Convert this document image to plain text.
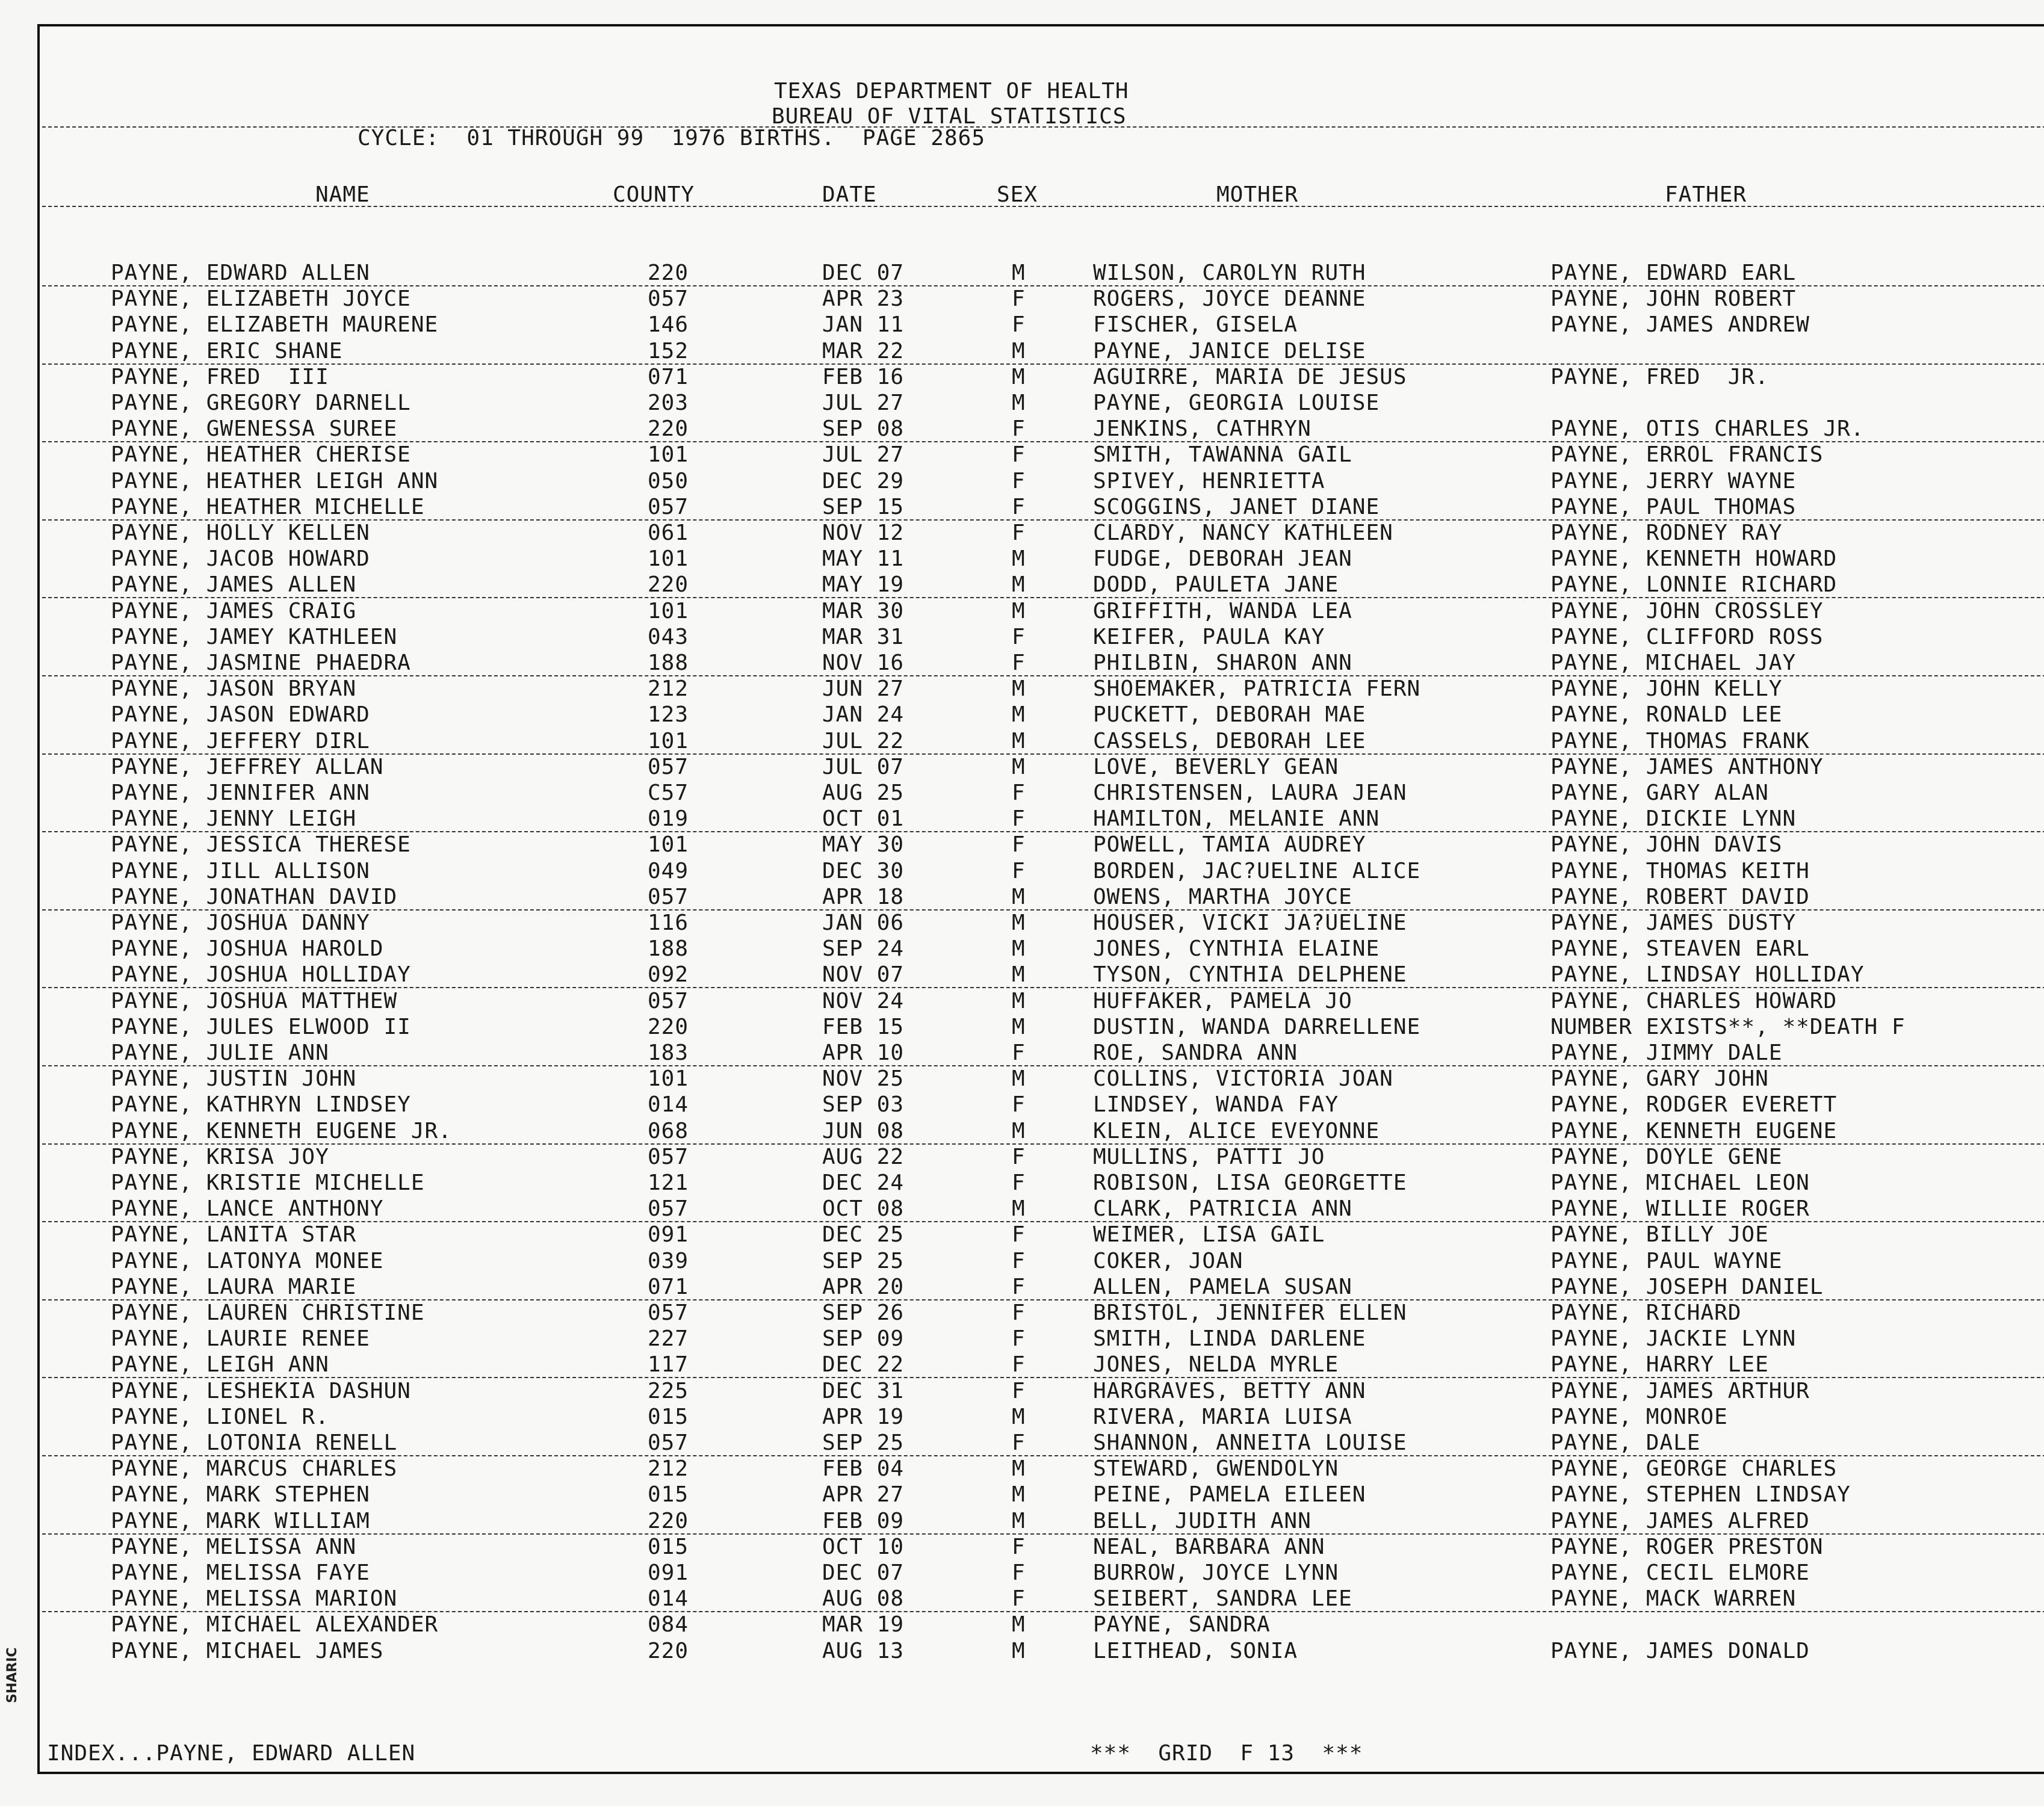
TEXAS DEPARTMENT OF HEALTH
BUREAU OF VITAL STATISTICS
CYCLE:  01 THROUGH 99  1976 BIRTHS.  PAGE 2865
NAME	COUNTY	DATE	SEX	MOTHER	FATHER
PAYNE, EDWARD ALLEN	220	DEC 07	M	WILSON, CAROLYN RUTH	PAYNE, EDWARD EARL
PAYNE, ELIZABETH JOYCE	057	APR 23	F	ROGERS, JOYCE DEANNE	PAYNE, JOHN ROBERT
PAYNE, ELIZABETH MAURENE	146	JAN 11	F	FISCHER, GISELA	PAYNE, JAMES ANDREW
PAYNE, ERIC SHANE	152	MAR 22	M	PAYNE, JANICE DELISE
PAYNE, FRED  III	071	FEB 16	M	AGUIRRE, MARIA DE JESUS	PAYNE, FRED  JR.
PAYNE, GREGORY DARNELL	203	JUL 27	M	PAYNE, GEORGIA LOUISE
PAYNE, GWENESSA SUREE	220	SEP 08	F	JENKINS, CATHRYN	PAYNE, OTIS CHARLES JR.
PAYNE, HEATHER CHERISE	101	JUL 27	F	SMITH, TAWANNA GAIL	PAYNE, ERROL FRANCIS
PAYNE, HEATHER LEIGH ANN	050	DEC 29	F	SPIVEY, HENRIETTA	PAYNE, JERRY WAYNE
PAYNE, HEATHER MICHELLE	057	SEP 15	F	SCOGGINS, JANET DIANE	PAYNE, PAUL THOMAS
PAYNE, HOLLY KELLEN	061	NOV 12	F	CLARDY, NANCY KATHLEEN	PAYNE, RODNEY RAY
PAYNE, JACOB HOWARD	101	MAY 11	M	FUDGE, DEBORAH JEAN	PAYNE, KENNETH HOWARD
PAYNE, JAMES ALLEN	220	MAY 19	M	DODD, PAULETA JANE	PAYNE, LONNIE RICHARD
PAYNE, JAMES CRAIG	101	MAR 30	M	GRIFFITH, WANDA LEA	PAYNE, JOHN CROSSLEY
PAYNE, JAMEY KATHLEEN	043	MAR 31	F	KEIFER, PAULA KAY	PAYNE, CLIFFORD ROSS
PAYNE, JASMINE PHAEDRA	188	NOV 16	F	PHILBIN, SHARON ANN	PAYNE, MICHAEL JAY
PAYNE, JASON BRYAN	212	JUN 27	M	SHOEMAKER, PATRICIA FERN	PAYNE, JOHN KELLY
PAYNE, JASON EDWARD	123	JAN 24	M	PUCKETT, DEBORAH MAE	PAYNE, RONALD LEE
PAYNE, JEFFERY DIRL	101	JUL 22	M	CASSELS, DEBORAH LEE	PAYNE, THOMAS FRANK
PAYNE, JEFFREY ALLAN	057	JUL 07	M	LOVE, BEVERLY GEAN	PAYNE, JAMES ANTHONY
PAYNE, JENNIFER ANN	C57	AUG 25	F	CHRISTENSEN, LAURA JEAN	PAYNE, GARY ALAN
PAYNE, JENNY LEIGH	019	OCT 01	F	HAMILTON, MELANIE ANN	PAYNE, DICKIE LYNN
PAYNE, JESSICA THERESE	101	MAY 30	F	POWELL, TAMIA AUDREY	PAYNE, JOHN DAVIS
PAYNE, JILL ALLISON	049	DEC 30	F	BORDEN, JAC?UELINE ALICE	PAYNE, THOMAS KEITH
PAYNE, JONATHAN DAVID	057	APR 18	M	OWENS, MARTHA JOYCE	PAYNE, ROBERT DAVID
PAYNE, JOSHUA DANNY	116	JAN 06	M	HOUSER, VICKI JA?UELINE	PAYNE, JAMES DUSTY
PAYNE, JOSHUA HAROLD	188	SEP 24	M	JONES, CYNTHIA ELAINE	PAYNE, STEAVEN EARL
PAYNE, JOSHUA HOLLIDAY	092	NOV 07	M	TYSON, CYNTHIA DELPHENE	PAYNE, LINDSAY HOLLIDAY
PAYNE, JOSHUA MATTHEW	057	NOV 24	M	HUFFAKER, PAMELA JO	PAYNE, CHARLES HOWARD
PAYNE, JULES ELWOOD II	220	FEB 15	M	DUSTIN, WANDA DARRELLENE	NUMBER EXISTS**, **DEATH F
PAYNE, JULIE ANN	183	APR 10	F	ROE, SANDRA ANN	PAYNE, JIMMY DALE
PAYNE, JUSTIN JOHN	101	NOV 25	M	COLLINS, VICTORIA JOAN	PAYNE, GARY JOHN
PAYNE, KATHRYN LINDSEY	014	SEP 03	F	LINDSEY, WANDA FAY	PAYNE, RODGER EVERETT
PAYNE, KENNETH EUGENE JR.	068	JUN 08	M	KLEIN, ALICE EVEYONNE	PAYNE, KENNETH EUGENE
PAYNE, KRISA JOY	057	AUG 22	F	MULLINS, PATTI JO	PAYNE, DOYLE GENE
PAYNE, KRISTIE MICHELLE	121	DEC 24	F	ROBISON, LISA GEORGETTE	PAYNE, MICHAEL LEON
PAYNE, LANCE ANTHONY	057	OCT 08	M	CLARK, PATRICIA ANN	PAYNE, WILLIE ROGER
PAYNE, LANITA STAR	091	DEC 25	F	WEIMER, LISA GAIL	PAYNE, BILLY JOE
PAYNE, LATONYA MONEE	039	SEP 25	F	COKER, JOAN	PAYNE, PAUL WAYNE
PAYNE, LAURA MARIE	071	APR 20	F	ALLEN, PAMELA SUSAN	PAYNE, JOSEPH DANIEL
PAYNE, LAUREN CHRISTINE	057	SEP 26	F	BRISTOL, JENNIFER ELLEN	PAYNE, RICHARD
PAYNE, LAURIE RENEE	227	SEP 09	F	SMITH, LINDA DARLENE	PAYNE, JACKIE LYNN
PAYNE, LEIGH ANN	117	DEC 22	F	JONES, NELDA MYRLE	PAYNE, HARRY LEE
PAYNE, LESHEKIA DASHUN	225	DEC 31	F	HARGRAVES, BETTY ANN	PAYNE, JAMES ARTHUR
PAYNE, LIONEL R.	015	APR 19	M	RIVERA, MARIA LUISA	PAYNE, MONROE
PAYNE, LOTONIA RENELL	057	SEP 25	F	SHANNON, ANNEITA LOUISE	PAYNE, DALE
PAYNE, MARCUS CHARLES	212	FEB 04	M	STEWARD, GWENDOLYN	PAYNE, GEORGE CHARLES
PAYNE, MARK STEPHEN	015	APR 27	M	PEINE, PAMELA EILEEN	PAYNE, STEPHEN LINDSAY
PAYNE, MARK WILLIAM	220	FEB 09	M	BELL, JUDITH ANN	PAYNE, JAMES ALFRED
PAYNE, MELISSA ANN	015	OCT 10	F	NEAL, BARBARA ANN	PAYNE, ROGER PRESTON
PAYNE, MELISSA FAYE	091	DEC 07	F	BURROW, JOYCE LYNN	PAYNE, CECIL ELMORE
PAYNE, MELISSA MARION	014	AUG 08	F	SEIBERT, SANDRA LEE	PAYNE, MACK WARREN
PAYNE, MICHAEL ALEXANDER	084	MAR 19	M	PAYNE, SANDRA
PAYNE, MICHAEL JAMES	220	AUG 13	M	LEITHEAD, SONIA	PAYNE, JAMES DONALD
INDEX...PAYNE, EDWARD ALLEN	***  GRID  F 13  ***
SHARIC
